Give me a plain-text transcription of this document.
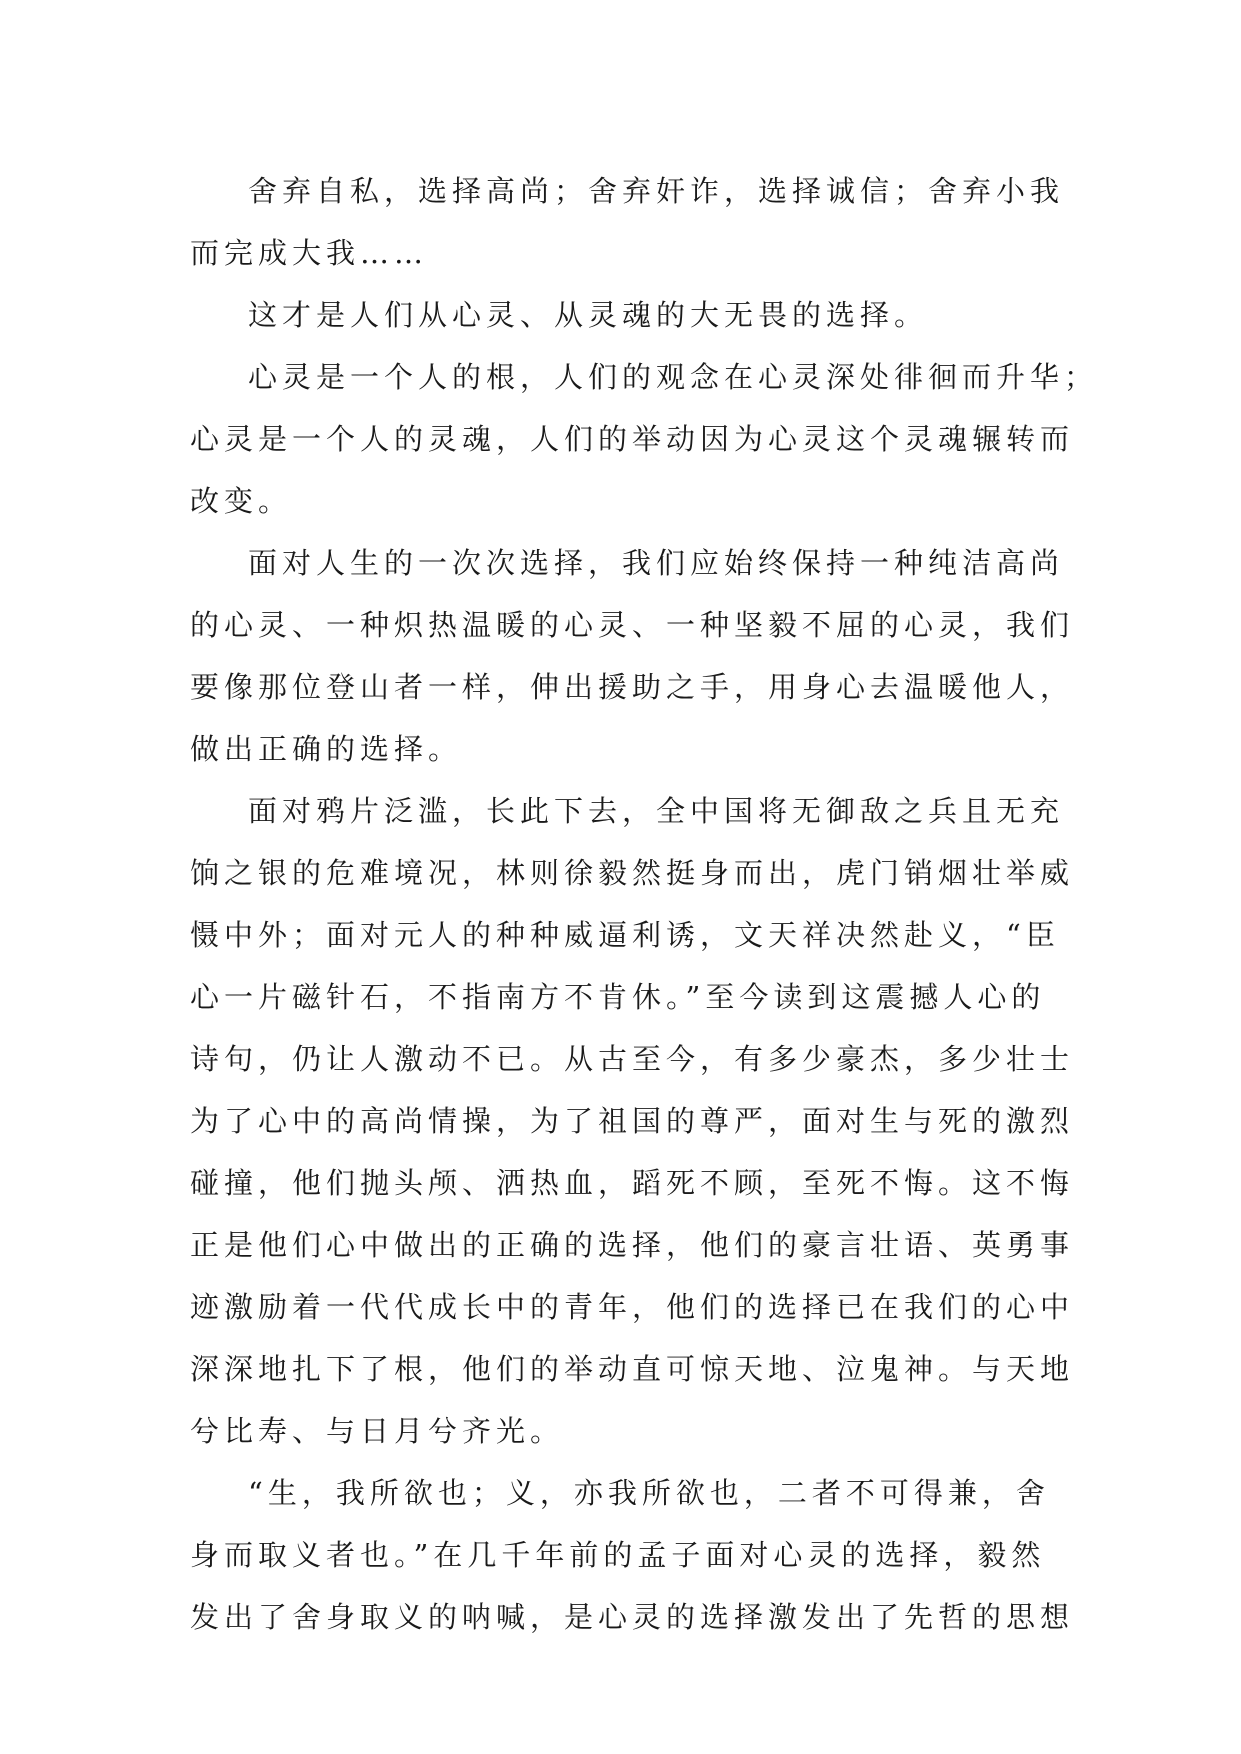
舍弃自私，选择高尚；舍弃奸诈，选择诚信；舍弃小我
而完成大我……

这才是人们从心灵、从灵魂的大无畏的选择。

心灵是一个人的根，人们的观念在心灵深处徘徊而升华；
心灵是一个人的灵魂，人们的举动因为心灵这个灵魂辗转而
改变。

面对人生的一次次选择，我们应始终保持一种纯洁高尚
的心灵、一种炽热温暖的心灵、一种坚毅不屈的心灵，我们
要像那位登山者一样，伸出援助之手，用身心去温暖他人，
做出正确的选择。

面对鸦片泛滥，长此下去，全中国将无御敌之兵且无充
饷之银的危难境况，林则徐毅然挺身而出，虎门销烟壮举威
慑中外；面对元人的种种威逼利诱，文天祥决然赴义，“臣
心一片磁针石，不指南方不肯休。”至今读到这震撼人心的
诗句，仍让人激动不已。从古至今，有多少豪杰，多少壮士
为了心中的高尚情操，为了祖国的尊严，面对生与死的激烈
碰撞，他们抛头颅、洒热血，蹈死不顾，至死不悔。这不悔
正是他们心中做出的正确的选择，他们的豪言壮语、英勇事
迹激励着一代代成长中的青年，他们的选择已在我们的心中
深深地扎下了根，他们的举动直可惊天地、泣鬼神。与天地
兮比寿、与日月兮齐光。

“生，我所欲也；义，亦我所欲也，二者不可得兼，舍
身而取义者也。”在几千年前的孟子面对心灵的选择，毅然
发出了舍身取义的呐喊，是心灵的选择激发出了先哲的思想
